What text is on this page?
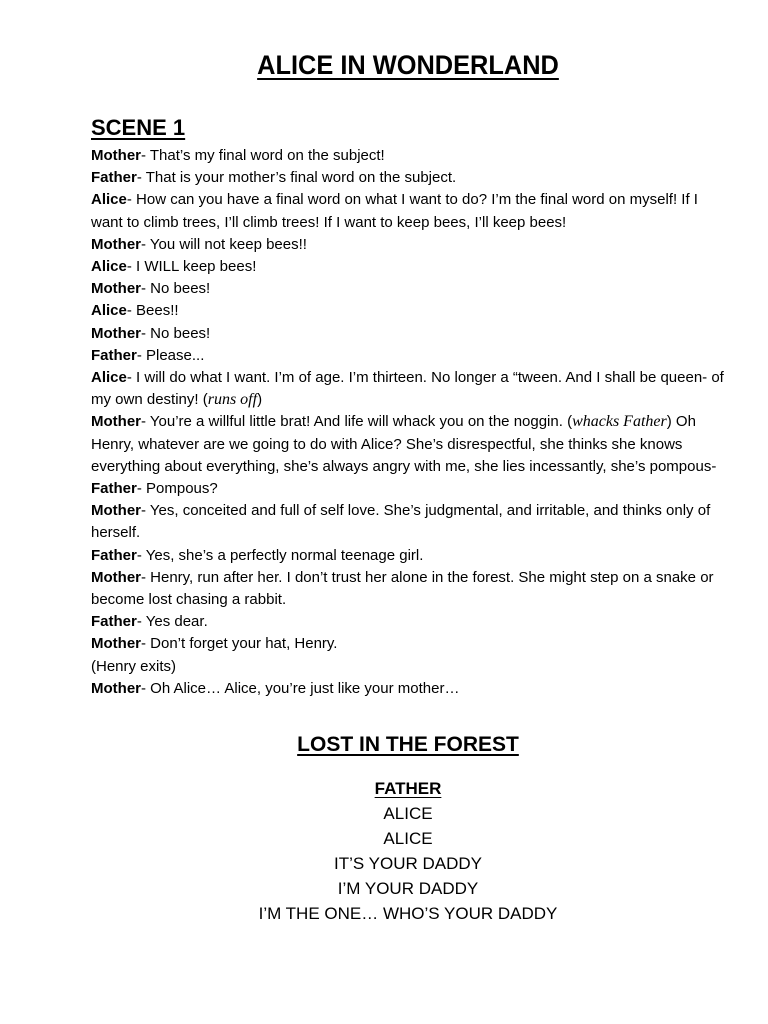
ALICE IN WONDERLAND
SCENE 1

Mother- That’s my final word on the subject!

Father- That is your mother’s final word on the subject.

Alice- How can you have a final word on what I want to do? I’m the final word on myself! If I want to climb trees, I’ll climb trees! If I want to keep bees, I’ll keep bees!

Mother- You will not keep bees!!

Alice- I WILL keep bees!

Mother- No bees!

Alice- Bees!!

Mother- No bees!

Father- Please...

Alice- I will do what I want. I’m of age. I’m thirteen. No longer a “tween. And I shall be queen- of my own destiny! (runs off)

Mother- You’re a willful little brat! And life will whack you on the noggin. (whacks Father) Oh Henry, whatever are we going to do with Alice? She’s disrespectful, she thinks she knows everything about everything, she’s always angry with me, she lies incessantly, she’s pompous-

Father- Pompous?

Mother- Yes, conceited and full of self love. She’s judgmental, and irritable, and thinks only of herself.

Father- Yes, she’s a perfectly normal teenage girl.

Mother- Henry, run after her. I don’t trust her alone in the forest. She might step on a snake or become lost chasing a rabbit.

Father- Yes dear.

Mother- Don’t forget your hat, Henry.

(Henry exits)

Mother- Oh Alice… Alice, you’re just like your mother…

LOST IN THE FOREST
FATHER
ALICE
ALICE
IT’S YOUR DADDY
I’M YOUR DADDY
I’M THE ONE… WHO’S YOUR DADDY
